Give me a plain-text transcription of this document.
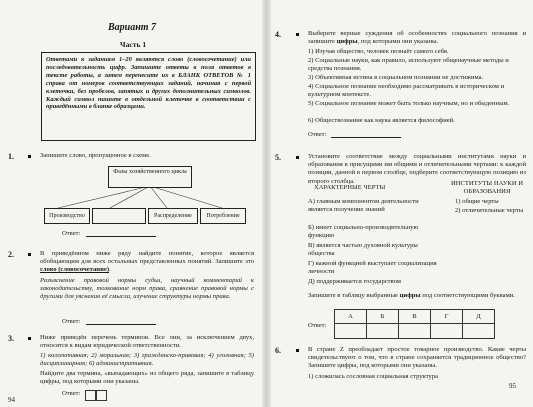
Вариант 7
Часть 1
Ответами к заданиям 1–20 являются слово (словосочетание) или последовательность цифр. Запишите ответы в поля ответов в тексте работы, а затем перенесите их в БЛАНК ОТВЕТОВ № 1 справа от номеров соответствующих заданий, начиная с первой клеточки, без пробелов, запятых и других дополнительных символов. Каждый символ пишите в отдельной клеточке в соответствии с приведёнными в бланке образцами.
1.	Запишите слово, пропущенное в схеме.
Фазы хозяйственного цикла
Производство	Распределение	Потребление
Ответ:
2.	В приведённом ниже ряду найдите понятие, которое является обобщающим для всех остальных представленных понятий. Запишите это слово (словосочетание).
Разъяснение правовой нормы судьи, научный комментарий к законодательству, толкование норм права, сравнение правовой нормы с другими для уяснения её смысла, изучение структуры нормы права.
Ответ:
3.	Ниже приведён перечень терминов. Все они, за исключением двух, относятся к видам юридической ответственности.
1) коллективная; 2) моральная; 3) гражданско-правовая; 4) уголовная; 5) дисциплинарная; 6) административная.
Найдите два термина, «выпадающих» из общего ряда, запишите в таблицу цифры, под которыми они указаны.
Ответ:
94
4.	Выберите верные суждения об особенностях социального познания и запишите цифры, под которыми они указаны.
1) Изучая общество, человек познаёт самого себя.
2) Социальные науки, как правило, используют общенаучные методы и средства познания.
3) Объективная истина в социальном познании не достижима.
4) Социальное познание необходимо рассматривать в историческом и культурном контексте.
5) Социальное познание может быть только научным, но и обыденным.
6) Обществознание как наука является философией.
Ответ:
5.	Установите соответствие между социальными институтами науки и образования в присущими им общими и отличительными чертами: к каждой позиции, данной в первом столбце, подберите соответствующую позицию из второго столбца.
ХАРАКТЕРНЫЕ ЧЕРТЫ
ИНСТИТУТЫ НАУКИ И ОБРАЗОВАНИЯ
А) главным компонентом деятельности является получение знаний
Б) имеет социально-производительную функцию
В) является частью духовной культуры общества
Г) важной функцией выступает социализация личности
Д) поддерживается государством
1) общие черты
2) отличительные черты
Запишите в таблицу выбранные цифры под соответствующими буквами.
Ответ:
А	Б	В	Г	Д

6.	В стране Z преобладает простое товарное производство. Какие черты свидетельствуют о том, что в стране сохраняется традиционное общество? Запишите цифры, под которыми они указаны.
1) сложилась сословная социальная структура
95
